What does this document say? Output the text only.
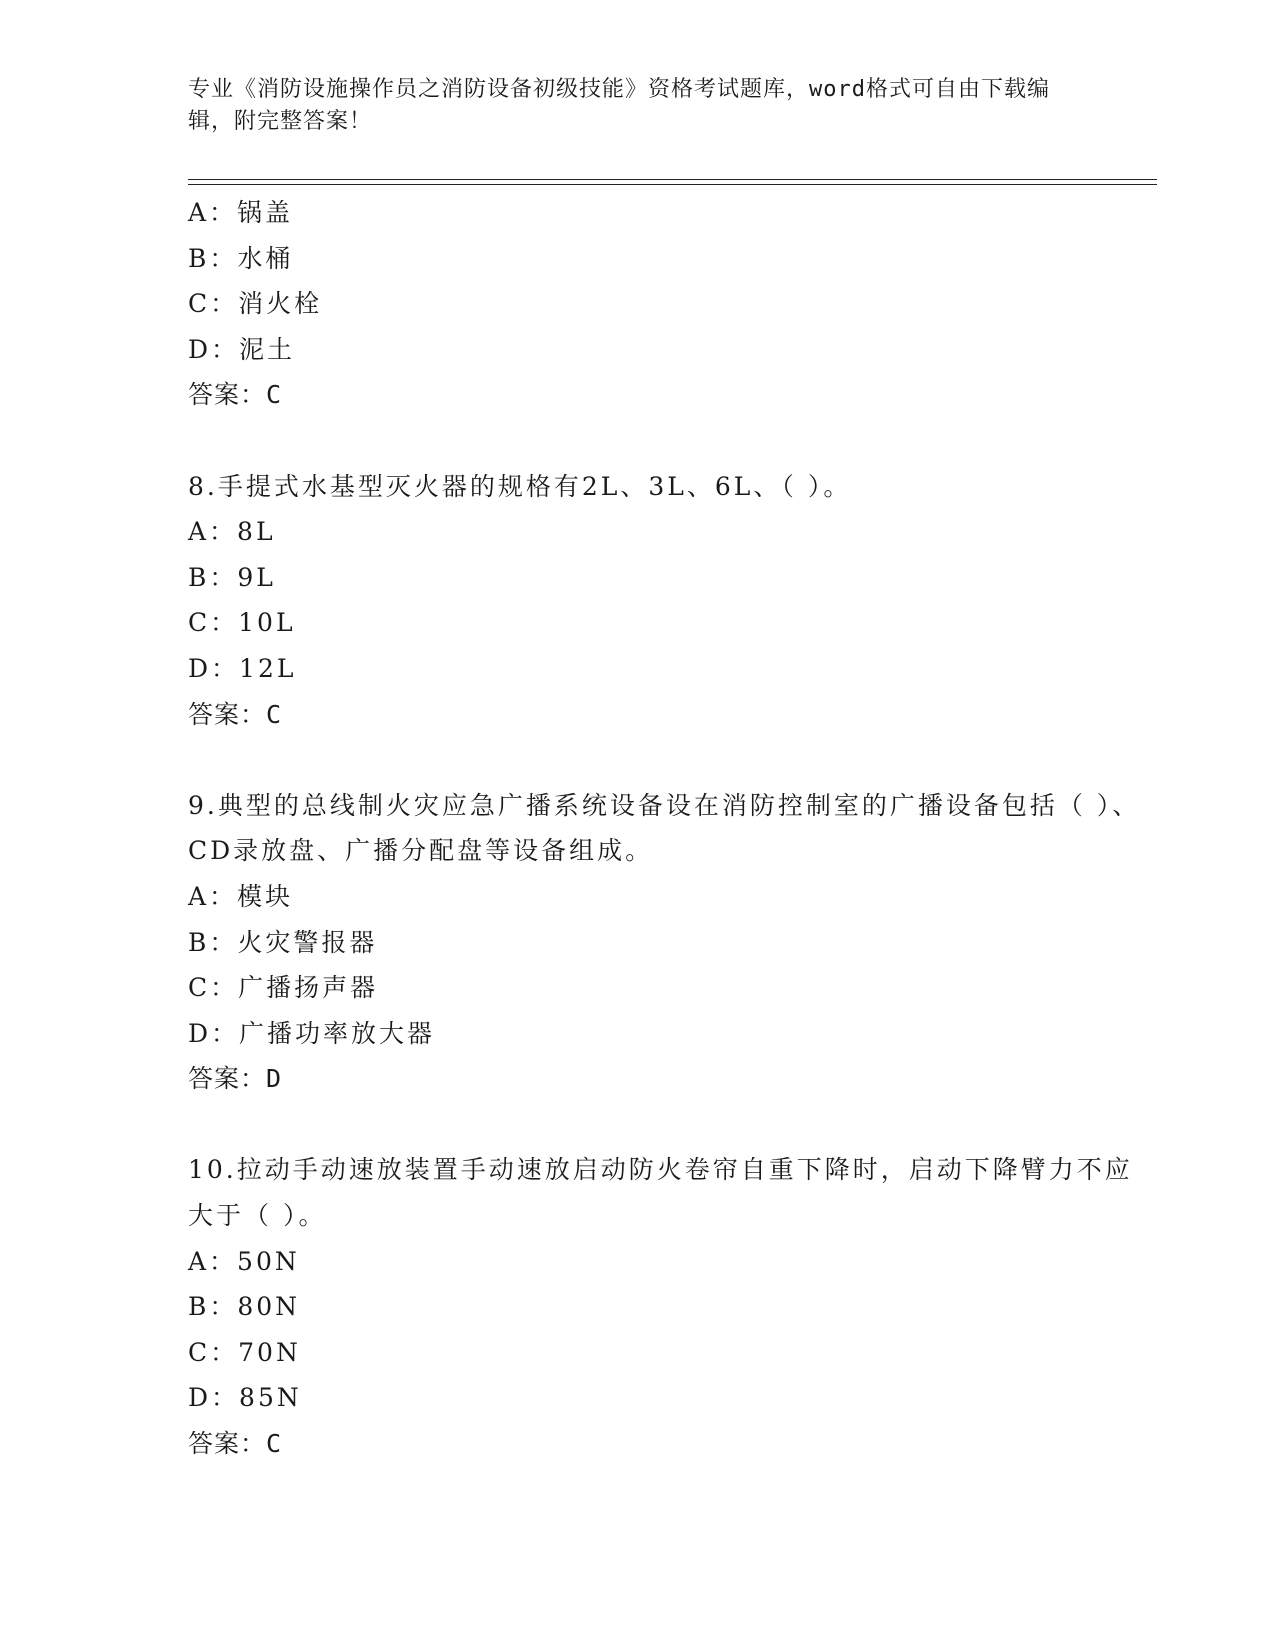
专业《消防设施操作员之消防设备初级技能》资格考试题库，word格式可自由下载编辑，附完整答案！
A：锅盖
B：水桶
C：消火栓
D：泥土
答案：C
8.手提式水基型灭火器的规格有2L、3L、6L、（ ）。
A：8L
B：9L
C：10L
D：12L
答案：C
9.典型的总线制火灾应急广播系统设备设在消防控制室的广播设备包括（ ）、CD录放盘、广播分配盘等设备组成。
A：模块
B：火灾警报器
C：广播扬声器
D：广播功率放大器
答案：D
10.拉动手动速放装置手动速放启动防火卷帘自重下降时，启动下降臂力不应大于（ ）。
A：50N
B：80N
C：70N
D：85N
答案：C
